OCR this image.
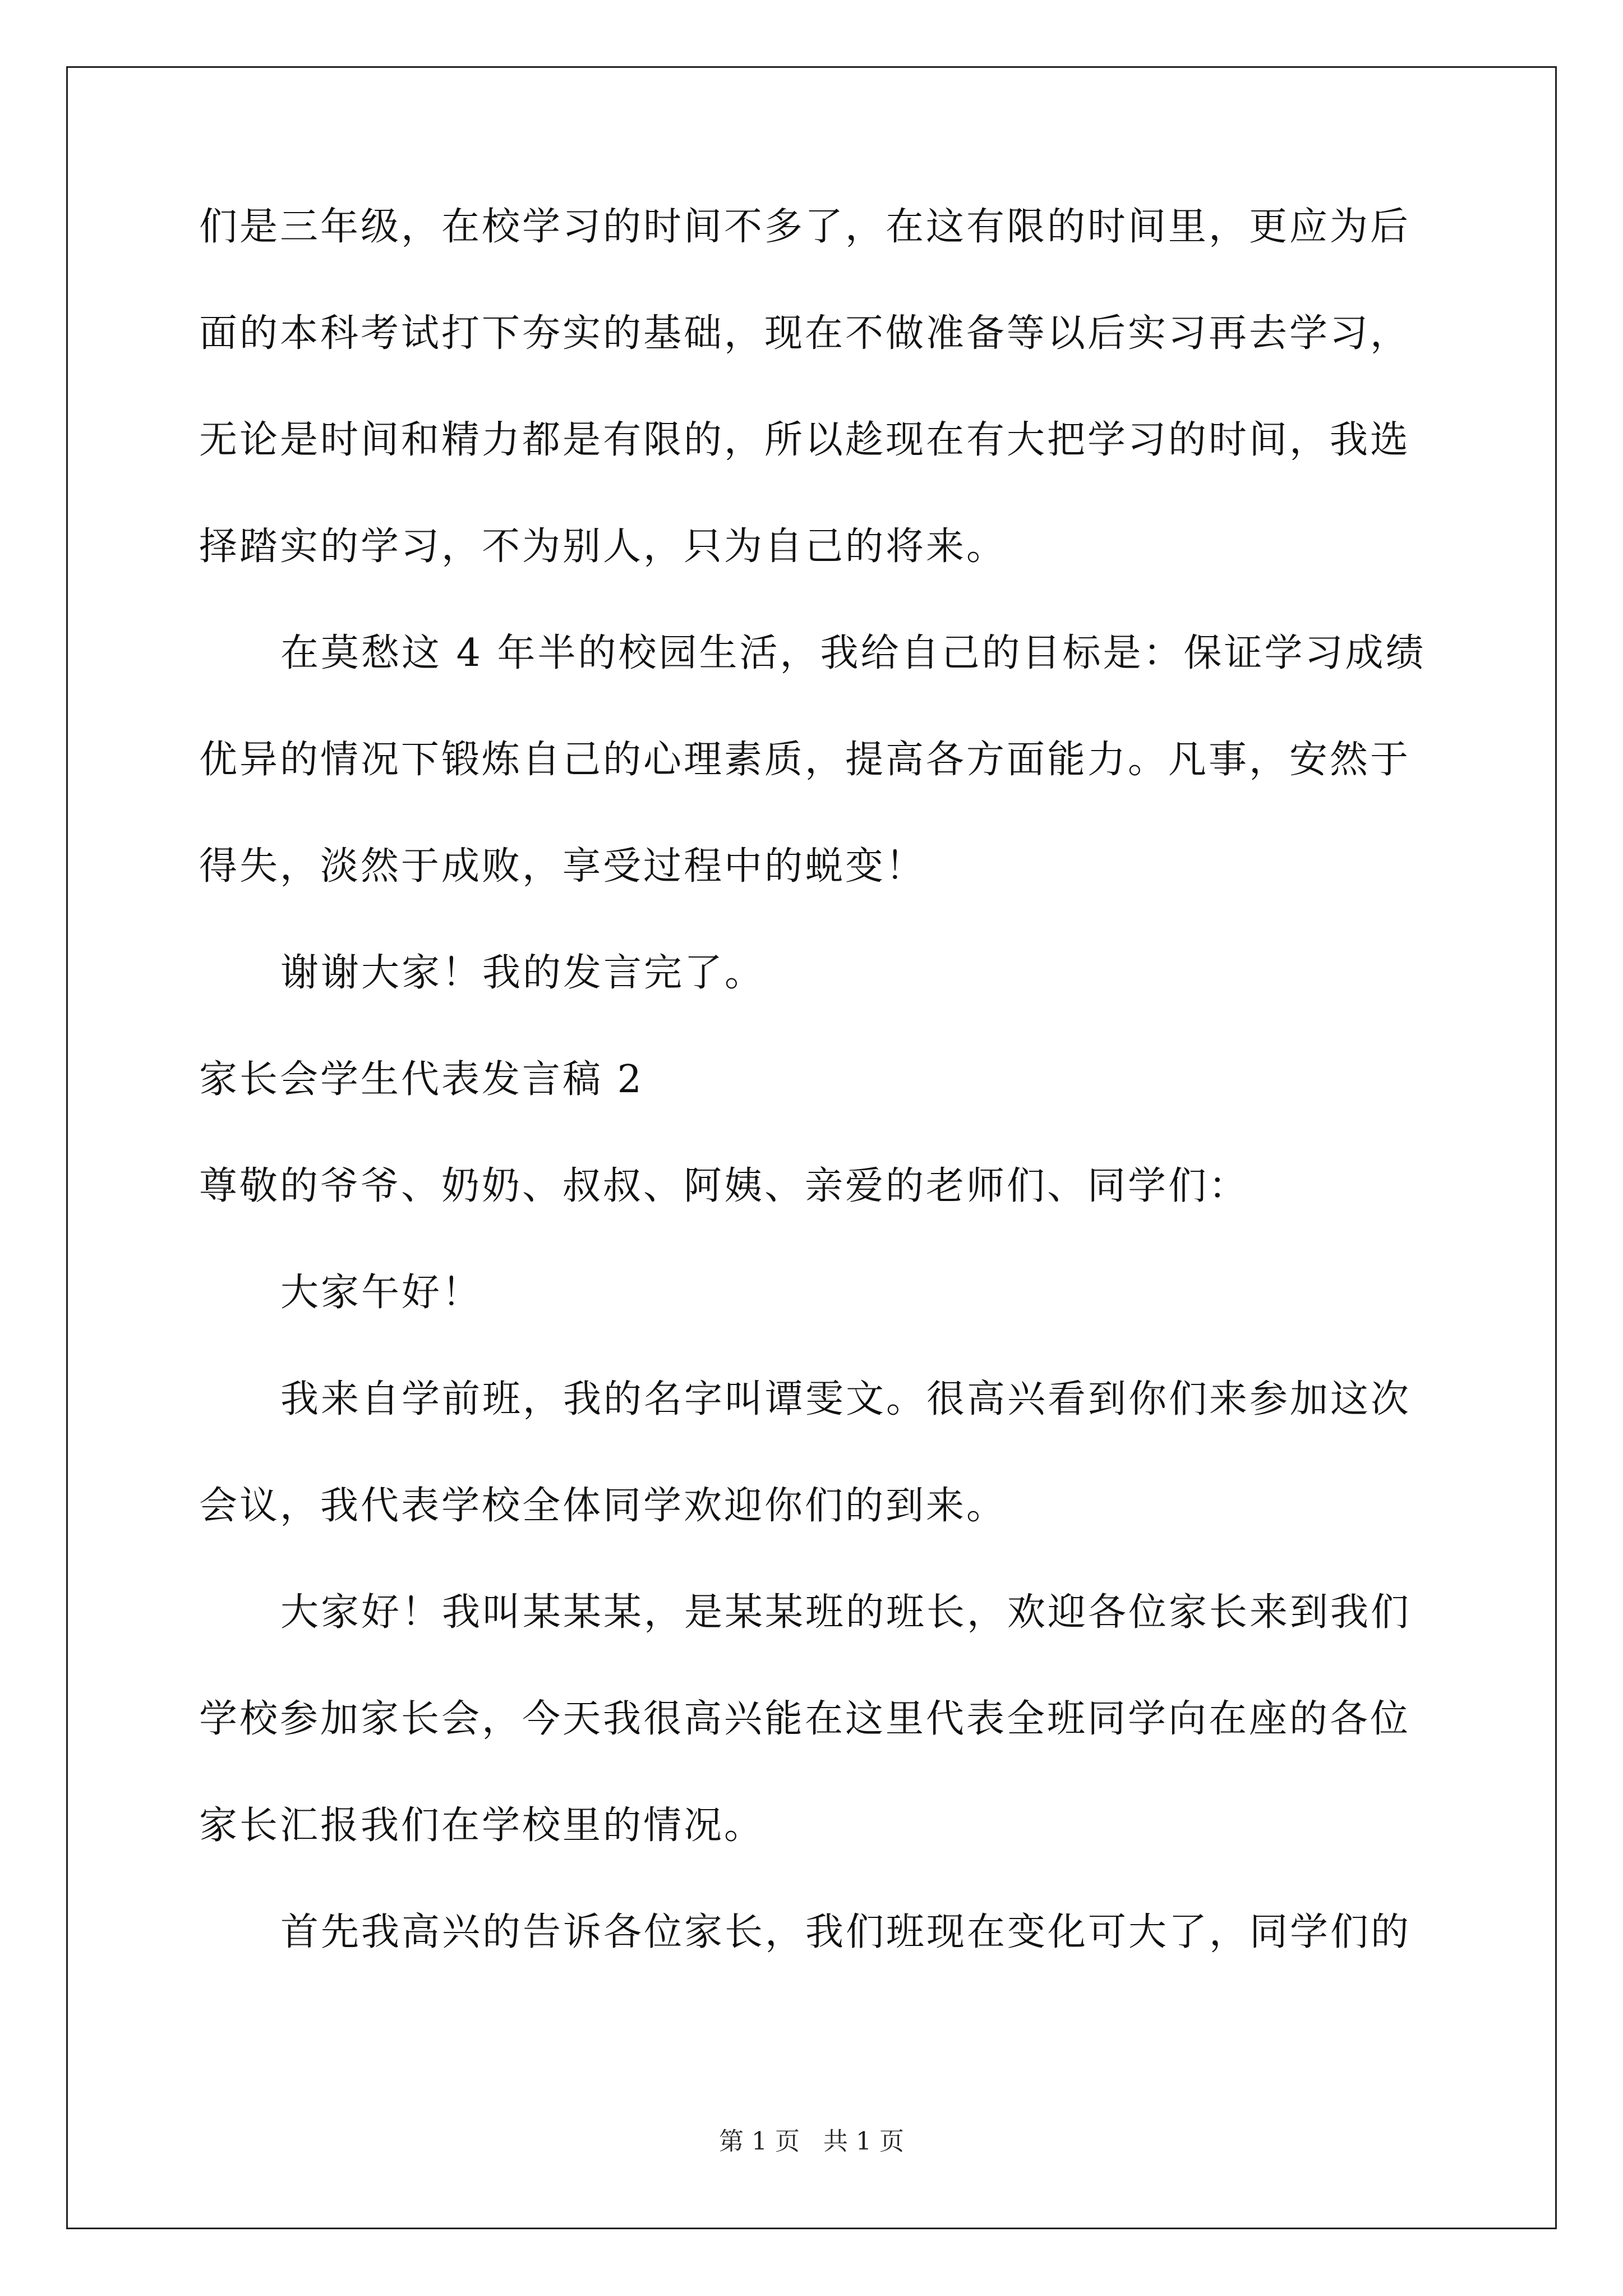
们是三年级，在校学习的时间不多了，在这有限的时间里，更应为后
面的本科考试打下夯实的基础，现在不做准备等以后实习再去学习，
无论是时间和精力都是有限的，所以趁现在有大把学习的时间，我选
择踏实的学习，不为别人，只为自己的将来。
在莫愁这 4 年半的校园生活，我给自己的目标是：保证学习成绩
优异的情况下锻炼自己的心理素质，提高各方面能力。凡事，安然于
得失，淡然于成败，享受过程中的蜕变！
谢谢大家！我的发言完了。
家长会学生代表发言稿 2
尊敬的爷爷、奶奶、叔叔、阿姨、亲爱的老师们、同学们：
大家午好！
我来自学前班，我的名字叫谭雯文。很高兴看到你们来参加这次
会议，我代表学校全体同学欢迎你们的到来。
大家好！我叫某某某，是某某班的班长，欢迎各位家长来到我们
学校参加家长会，今天我很高兴能在这里代表全班同学向在座的各位
家长汇报我们在学校里的情况。
首先我高兴的告诉各位家长，我们班现在变化可大了，同学们的
第 1 页 共 1 页
